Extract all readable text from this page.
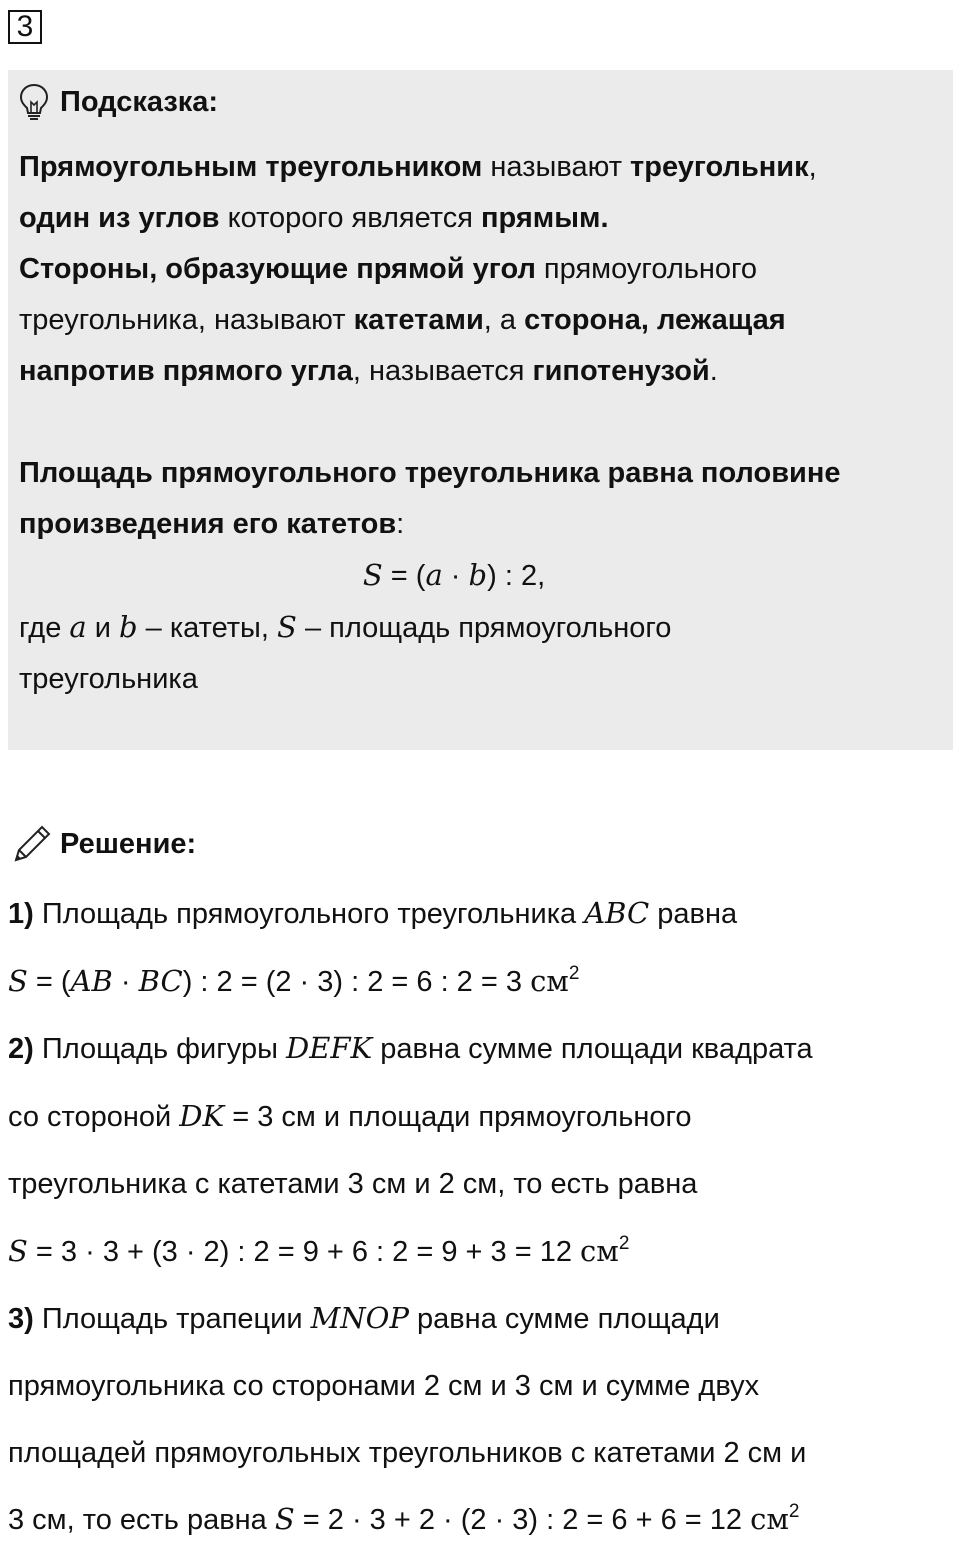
3
Подсказка:

Прямоугольным треугольником называют треугольник,

один из углов которого является прямым.

Стороны, образующие прямой угол прямоугольного

треугольника, называют катетами, а сторона, лежащая

напротив прямого угла, называется гипотенузой.

Площадь прямоугольного треугольника равна половине

произведения его катетов:

S = (a · b) : 2,

где a и b – катеты, S – площадь прямоугольного

треугольника

Решение:

1) Площадь прямоугольного треугольника ABC равна

S = (AB · BC) : 2 = (2 · 3) : 2 = 6 : 2 = 3 $см^2$

2) Площадь фигуры DEFK равна сумме площади квадрата

со стороной DK = 3 см и площади прямоугольного

треугольника с катетами 3 см и 2 см, то есть равна

S = 3 · 3 + (3 · 2) : 2 = 9 + 6 : 2 = 9 + 3 = 12 $см^2$

3) Площадь трапеции MNOP равна сумме площади

прямоугольника со сторонами 2 см и 3 см и сумме двух

площадей прямоугольных треугольников с катетами 2 см и

3 см, то есть равна S = 2 · 3 + 2 · (2 · 3) : 2 = 6 + 6 = 12 $см^2$
